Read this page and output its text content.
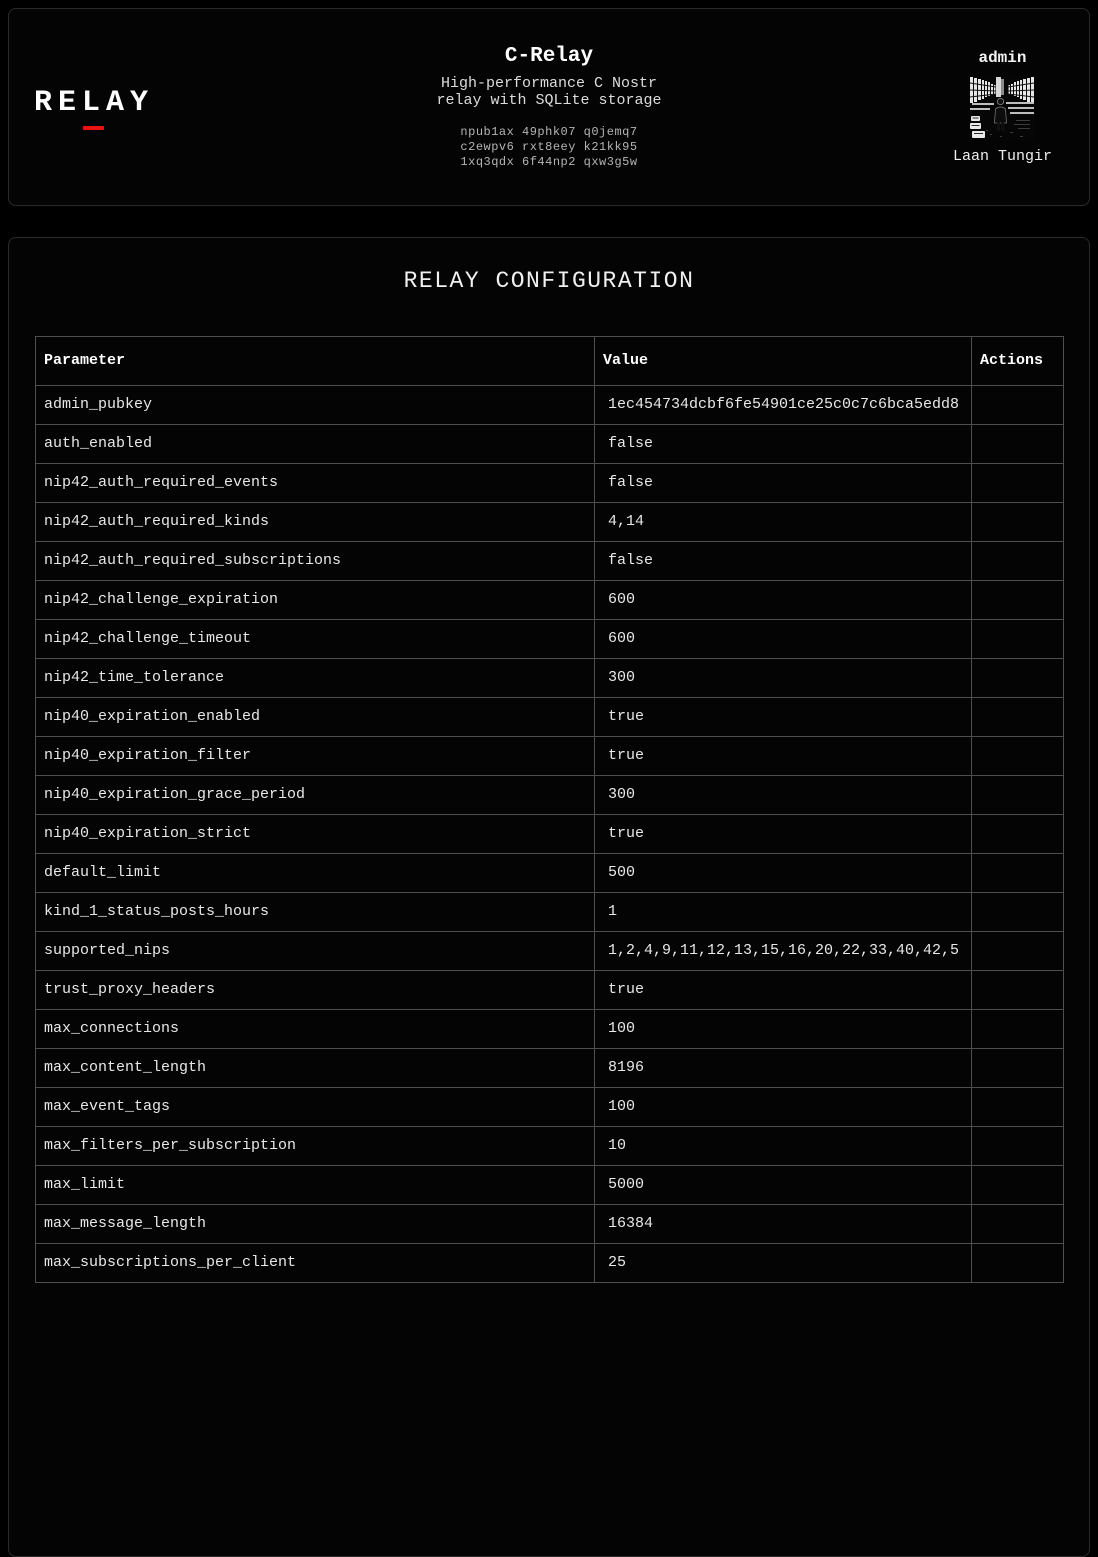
RELAY
C-Relay
High-performance C Nostr relay with SQLite storage
npub1ax 49phk07 q0jemq7
c2ewpv6 rxt8eey k21kk95
1xq3qdx 6f44np2 qxw3g5w
admin
Laan Tungir
RELAY CONFIGURATION
Parameter	Value	Actions
admin_pubkey	1ec454734dcbf6fe54901ce25c0c7c6bca5edd8	
auth_enabled	false	
nip42_auth_required_events	false	
nip42_auth_required_kinds	4,14	
nip42_auth_required_subscriptions	false	
nip42_challenge_expiration	600	
nip42_challenge_timeout	600	
nip42_time_tolerance	300	
nip40_expiration_enabled	true	
nip40_expiration_filter	true	
nip40_expiration_grace_period	300	
nip40_expiration_strict	true	
default_limit	500	
kind_1_status_posts_hours	1	
supported_nips	1,2,4,9,11,12,13,15,16,20,22,33,40,42,5	
trust_proxy_headers	true	
max_connections	100	
max_content_length	8196	
max_event_tags	100	
max_filters_per_subscription	10	
max_limit	5000	
max_message_length	16384	
max_subscriptions_per_client	25	
